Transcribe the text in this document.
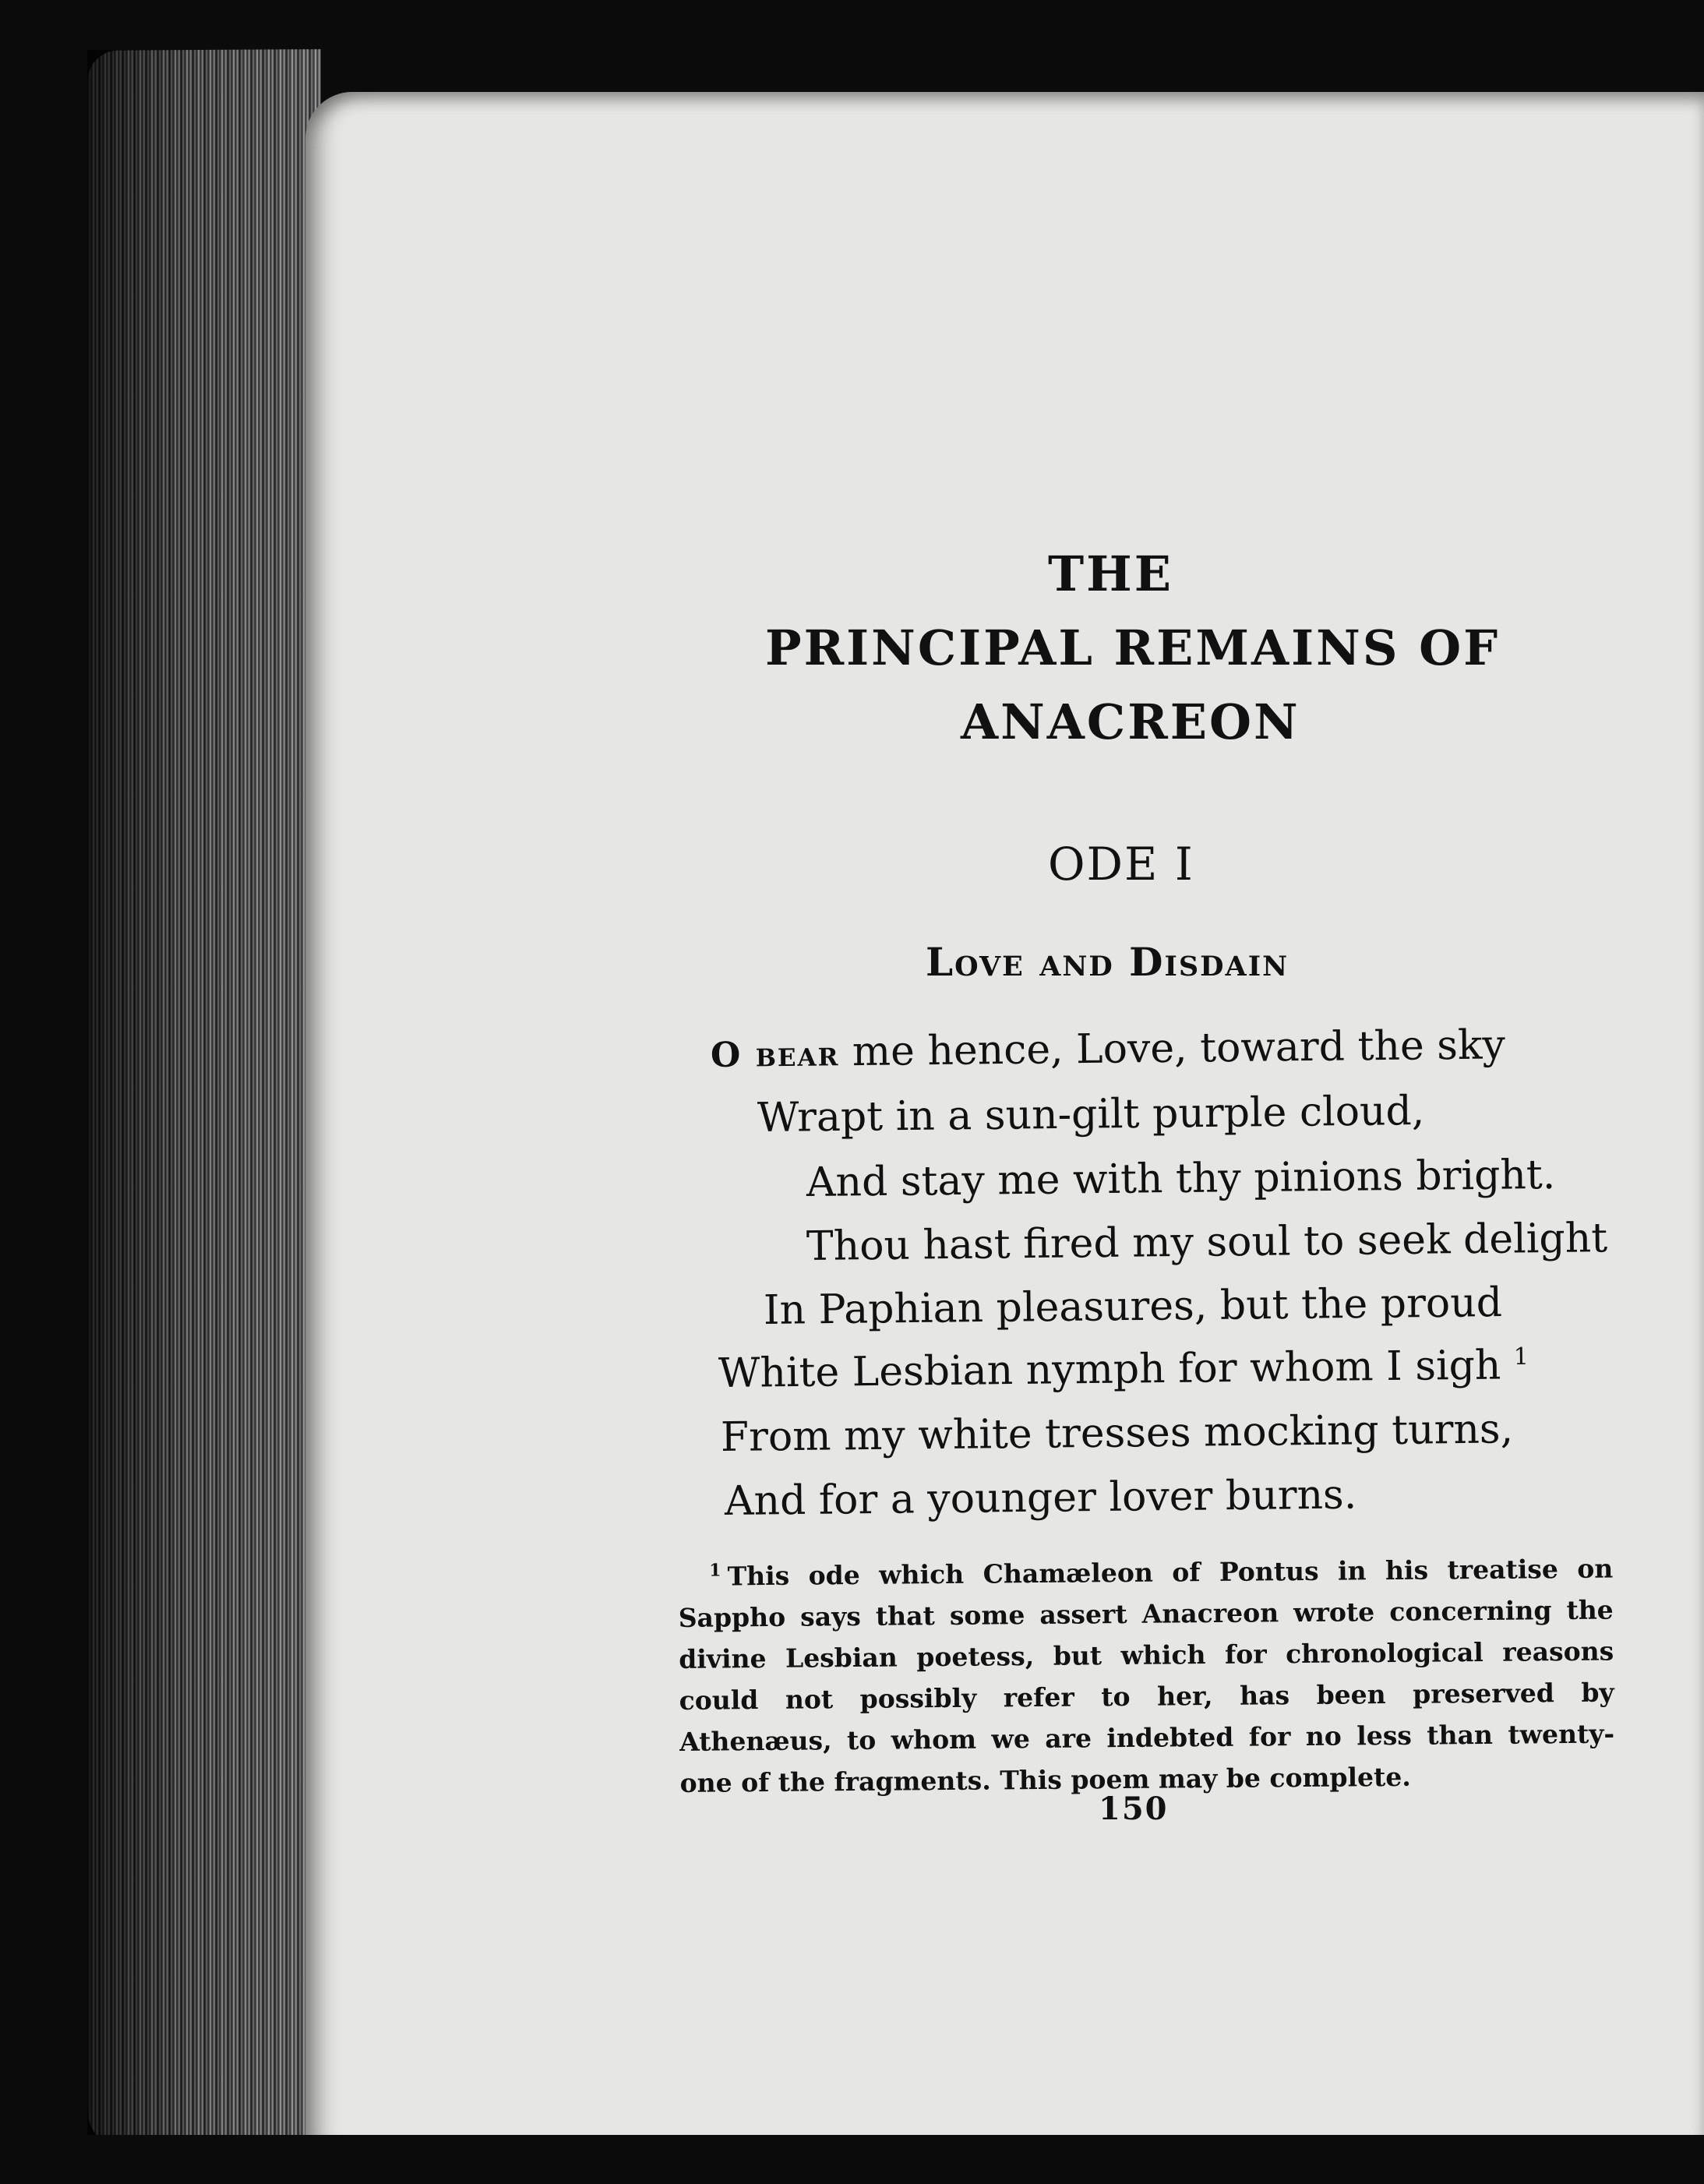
THE
PRINCIPAL REMAINS OF
ANACREON
ODE I
Love and Disdain
O bear me hence, Love, toward the sky
Wrapt in a sun-gilt purple cloud,
And stay me with thy pinions bright.
Thou hast fired my soul to seek delight
In Paphian pleasures, but the proud
White Lesbian nymph for whom I sigh $^1$
From my white tresses mocking turns,
And for a younger lover burns.
$^1$ This ode which Chamæleon of Pontus in his treatise on
Sappho says that some assert Anacreon wrote concerning the
divine Lesbian poetess, but which for chronological reasons
could not possibly refer to her, has been preserved by
Athenæus, to whom we are indebted for no less than twenty-
one of the fragments. This poem may be complete.
150
